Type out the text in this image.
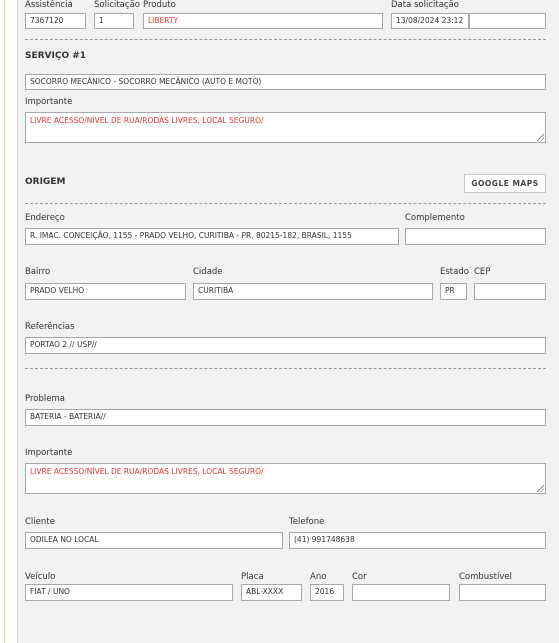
Assistência
7367120
Solicitação
1
Produto
LIBERTY
Data solicitação
13/08/2024 23:12
SERVIÇO #1
SOCORRO MECÂNICO - SOCORRO MECÂNICO (AUTO E MOTO)
Importante
LIVRE ACESSO/NÍVEL DE RUA/RODAS LIVRES, LOCAL SEGURO/
ORIGEM	GOOGLE MAPS
Endereço
R. IMAC. CONCEIÇÃO, 1155 - PRADO VELHO, CURITIBA - PR, 80215-182, BRASIL, 1155
Complemento
Bairro
PRADO VELHO
Cidade
CURITIBA
Estado
PR
CEP
Referências
PORTAO 2 // USP//
Problema
BATERIA - BATERIA//
Importante
LIVRE ACESSO/NÍVEL DE RUA/RODAS LIVRES, LOCAL SEGURO/
Cliente
ODILEA NO LOCAL
Telefone
(41) 991748638
Veículo
FIAT / UNO
Placa
ABL-XXXX
Ano
2016
Cor	Combustível
